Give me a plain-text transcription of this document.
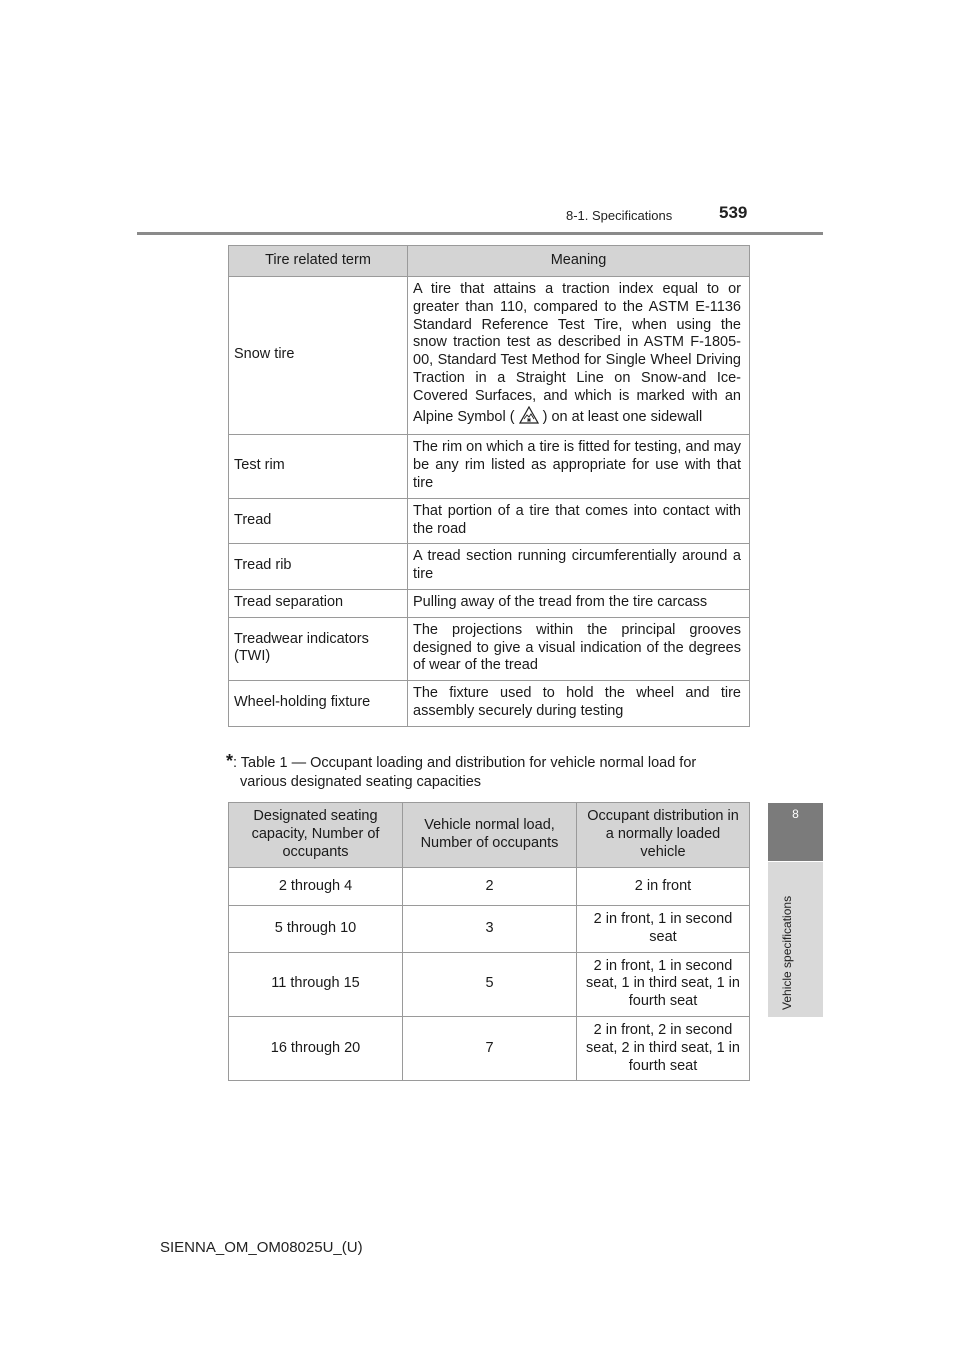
8-1. Specifications	539
8
Vehicle specifications
Tire related term	Meaning
Snow tire	A tire that attains a traction index equal to or greater than 110, compared to the ASTM E-1136 Standard Reference Test Tire, when using the snow traction test as described in ASTM F-1805-00, Standard Test Method for Single Wheel Driving Traction in a Straight Line on Snow-and Ice-Covered Surfaces, and which is marked with an Alpine Symbol ( ) on at least one sidewall
Test rim	The rim on which a tire is fitted for testing, and may be any rim listed as appropriate for use with that tire
Tread	That portion of a tire that comes into contact with the road
Tread rib	A tread section running circumferentially around a tire
Tread separation	Pulling away of the tread from the tire carcass
Treadwear indicators (TWI)	The projections within the principal grooves designed to give a visual indication of the degrees of wear of the tread
Wheel-holding fixture	The fixture used to hold the wheel and tire assembly securely during testing
*: Table 1 — Occupant loading and distribution for vehicle normal load for
various designated seating capacities
Designated seating capacity, Number of occupants	Vehicle normal load, Number of occupants	Occupant distribution in a normally loaded vehicle
2 through 4	2	2 in front
5 through 10	3	2 in front, 1 in second seat
11 through 15	5	2 in front, 1 in second seat, 1 in third seat, 1 in fourth seat
16 through 20	7	2 in front, 2 in second seat, 2 in third seat, 1 in fourth seat
SIENNA_OM_OM08025U_(U)
